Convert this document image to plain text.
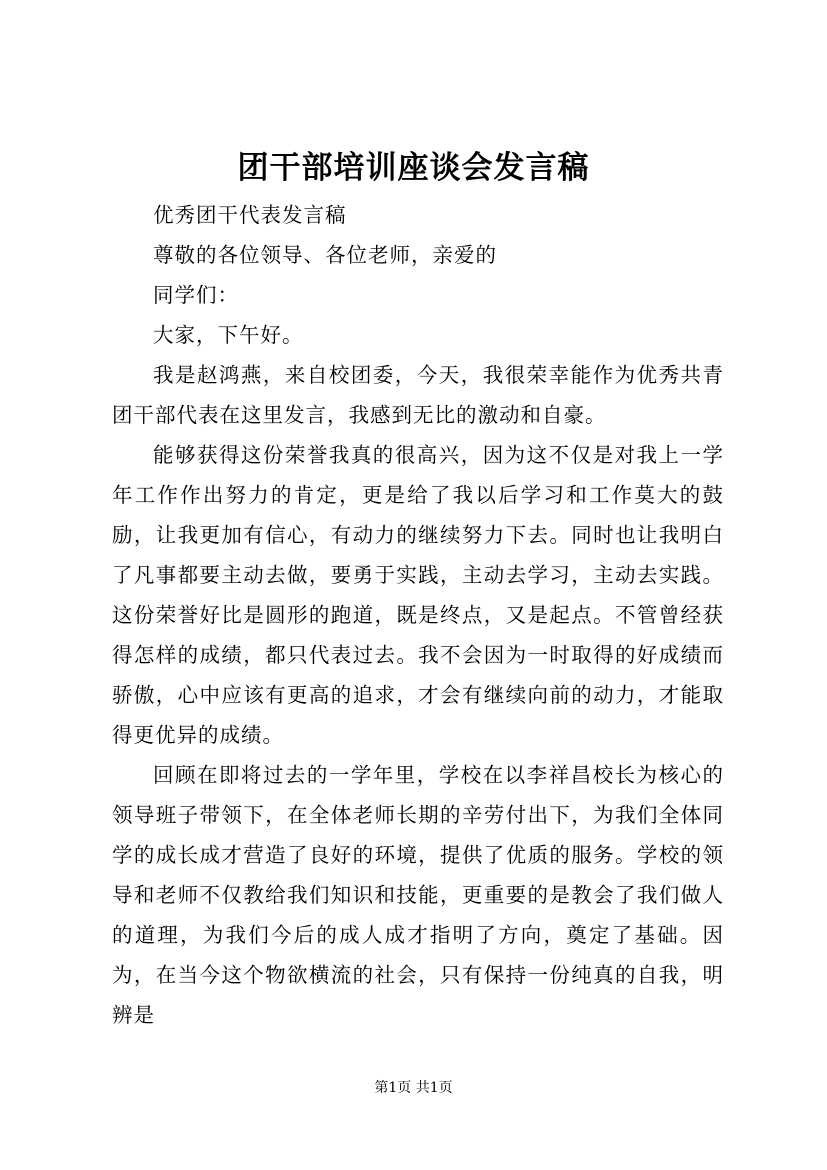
团干部培训座谈会发言稿

优秀团干代表发言稿

尊敬的各位领导、各位老师，亲爱的

同学们：

大家，下午好。

我是赵鸿燕，来自校团委，今天，我很荣幸能作为优秀共青团干部代表在这里发言，我感到无比的激动和自豪。

能够获得这份荣誉我真的很高兴，因为这不仅是对我上一学年工作作出努力的肯定，更是给了我以后学习和工作莫大的鼓励，让我更加有信心，有动力的继续努力下去。同时也让我明白了凡事都要主动去做，要勇于实践，主动去学习，主动去实践。这份荣誉好比是圆形的跑道，既是终点，又是起点。不管曾经获得怎样的成绩，都只代表过去。我不会因为一时取得的好成绩而骄傲，心中应该有更高的追求，才会有继续向前的动力，才能取得更优异的成绩。

回顾在即将过去的一学年里，学校在以李祥昌校长为核心的领导班子带领下，在全体老师长期的辛劳付出下，为我们全体同学的成长成才营造了良好的环境，提供了优质的服务。学校的领导和老师不仅教给我们知识和技能，更重要的是教会了我们做人的道理，为我们今后的成人成才指明了方向，奠定了基础。因为，在当今这个物欲横流的社会，只有保持一份纯真的自我，明辨是

第1页 共1页
